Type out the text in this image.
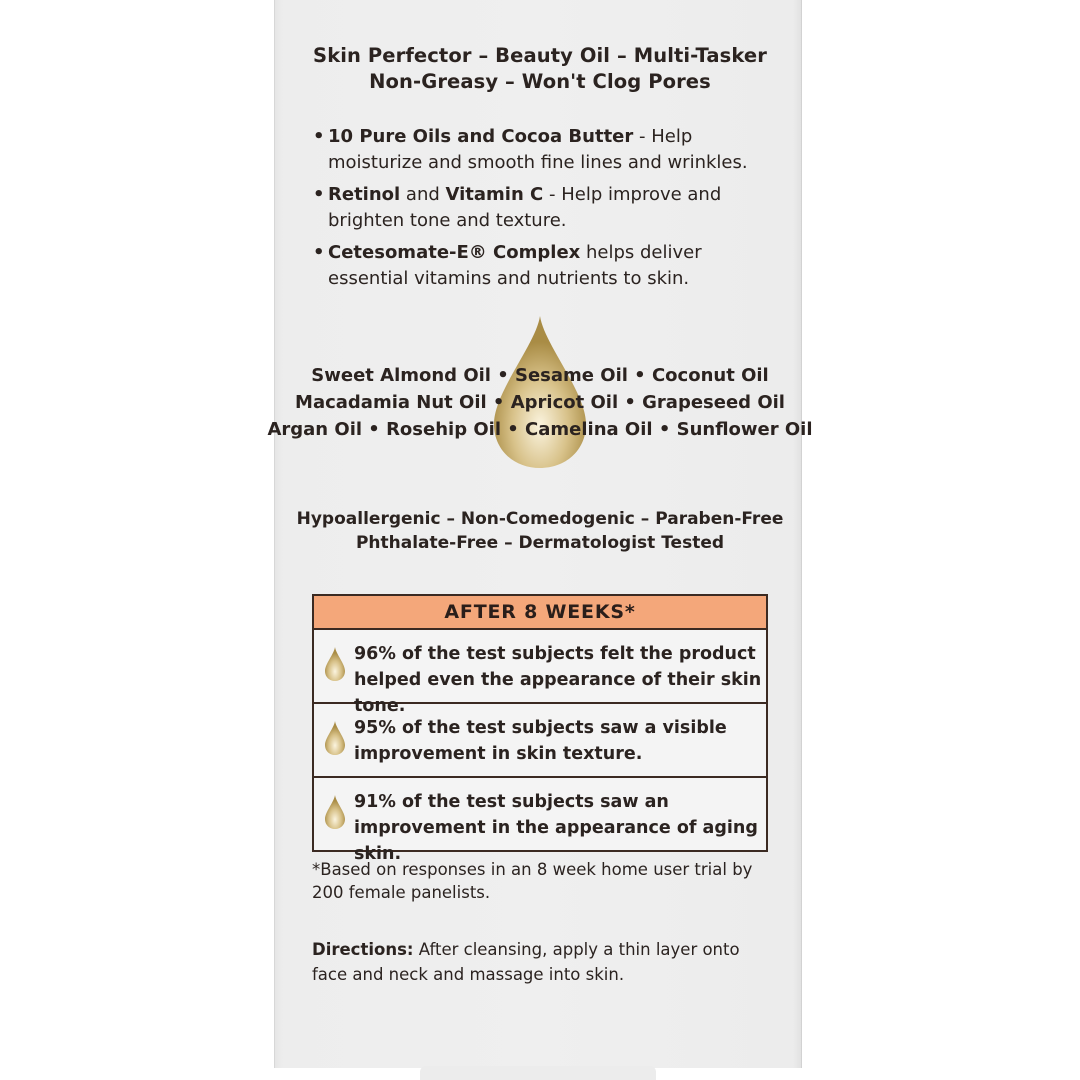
Skin Perfector – Beauty Oil – Multi-Tasker
Non-Greasy – Won't Clog Pores
• 10 Pure Oils and Cocoa Butter - Help moisturize and smooth fine lines and wrinkles.
• Retinol and Vitamin C - Help improve and brighten tone and texture.
• Cetesomate-E® Complex helps deliver essential vitamins and nutrients to skin.
Sweet Almond Oil • Sesame Oil • Coconut Oil
Macadamia Nut Oil • Apricot Oil • Grapeseed Oil
Argan Oil • Rosehip Oil • Camelina Oil • Sunflower Oil
Hypoallergenic – Non-Comedogenic – Paraben-Free
Phthalate-Free – Dermatologist Tested
AFTER 8 WEEKS*
96% of the test subjects felt the product helped even the appearance of their skin tone.
95% of the test subjects saw a visible improvement in skin texture.
91% of the test subjects saw an improvement in the appearance of aging skin.
*Based on responses in an 8 week home user trial by 200 female panelists.
Directions: After cleansing, apply a thin layer onto face and neck and massage into skin.
